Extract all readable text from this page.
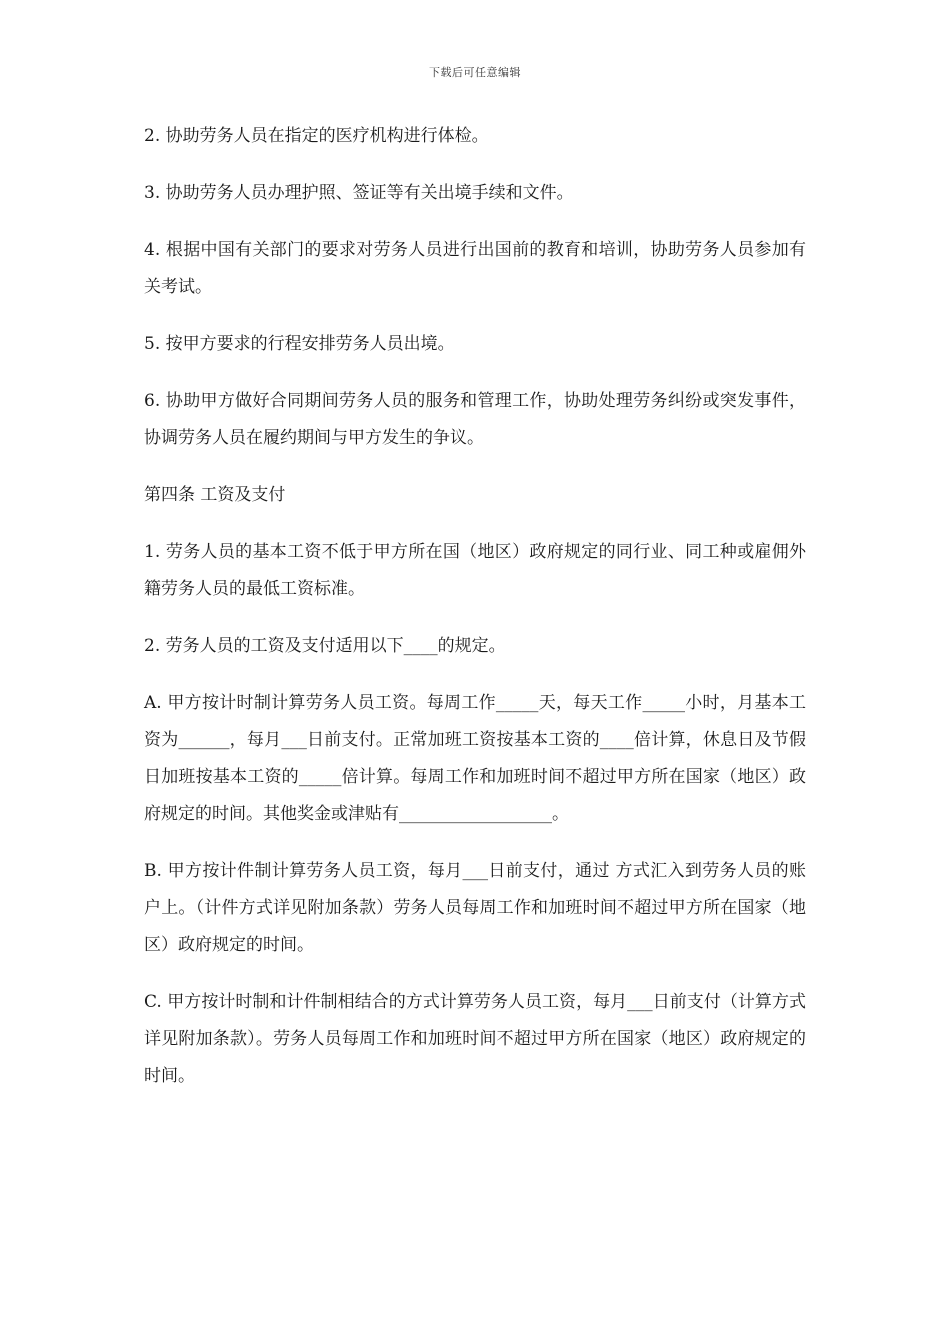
下载后可任意编辑

2. 协助劳务人员在指定的医疗机构进行体检。

3. 协助劳务人员办理护照、签证等有关出境手续和文件。

4. 根据中国有关部门的要求对劳务人员进行出国前的教育和培训，协助劳务人员参加有关考试。

5. 按甲方要求的行程安排劳务人员出境。

6. 协助甲方做好合同期间劳务人员的服务和管理工作，协助处理劳务纠纷或突发事件，协调劳务人员在履约期间与甲方发生的争议。

第四条 工资及支付

1. 劳务人员的基本工资不低于甲方所在国（地区）政府规定的同行业、同工种或雇佣外籍劳务人员的最低工资标准。

2. 劳务人员的工资及支付适用以下____的规定。

A. 甲方按计时制计算劳务人员工资。每周工作_____天，每天工作_____小时，月基本工资为______，每月___日前支付。正常加班工资按基本工资的____倍计算，休息日及节假日加班按基本工资的_____倍计算。每周工作和加班时间不超过甲方所在国家（地区）政府规定的时间。其他奖金或津贴有__________________。

B. 甲方按计件制计算劳务人员工资，每月___日前支付，通过 方式汇入到劳务人员的账户上。（计件方式详见附加条款）劳务人员每周工作和加班时间不超过甲方所在国家（地区）政府规定的时间。

C. 甲方按计时制和计件制相结合的方式计算劳务人员工资，每月___日前支付（计算方式详见附加条款）。劳务人员每周工作和加班时间不超过甲方所在国家（地区）政府规定的时间。
